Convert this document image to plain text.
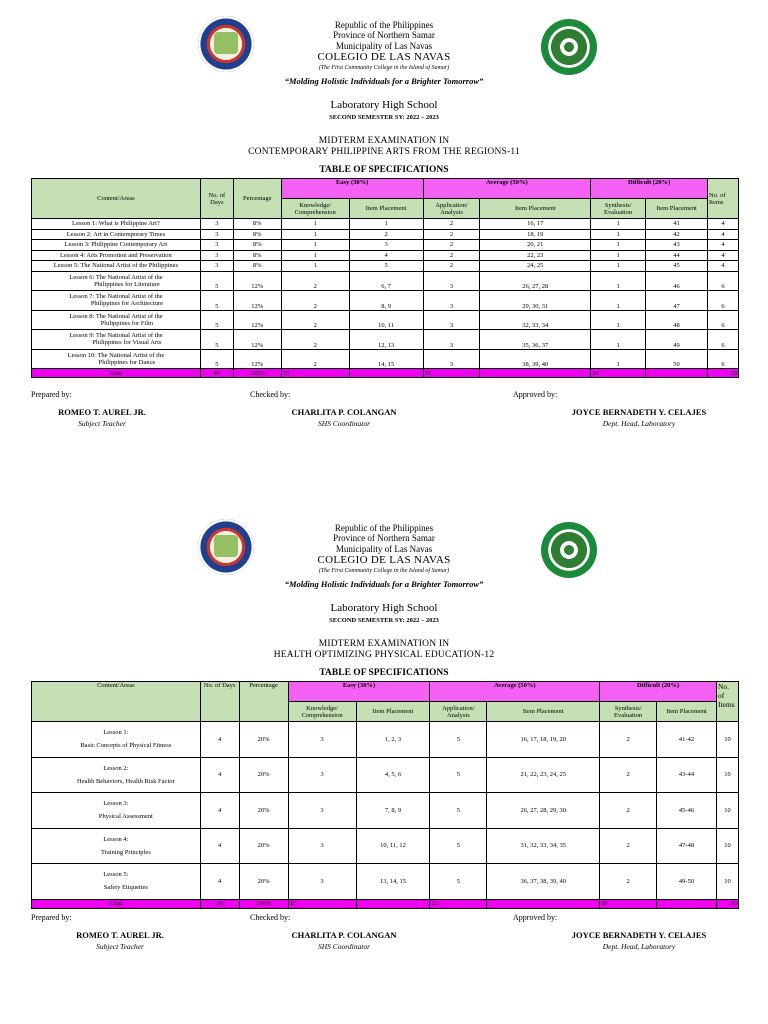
Republic of the Philippines
Province of Northern Samar
Municipality of Las Navas
COLEGIO DE LAS NAVAS
(The First Community College in the Island of Samar)
“Molding Holistic Individuals for a Brighter Tomorrow”
Laboratory High School
SECOND SEMESTER SY: 2022 – 2023
MIDTERM EXAMINATION IN
CONTEMPORARY PHILIPPINE ARTS FROM THE REGIONS-11
TABLE OF SPECIFICATIONS
Content/Areas	No. of Days	Percentage	Easy (30%)		Average (50%)		Difficult (20%)		No. of Items
			Knowledge/ Comprehension	Item Placement	Application/ Analysis	Item Placement	Synthesis/ Evaluation	Item Placement	

Lesson 1: What is Philippine Art?	3	8%	1	1	2	16, 17	1	41	4

Lesson 2: Art in Contemporary Times	3	8%	1	2	2	18, 19	1	42	4

Lesson 3: Philippine Contemporary Art	3	8%	1	3	2	20, 21	1	43	4

Lesson 4: Arts Promotion and Preservation	3	8%	1	4	2	22, 23	1	44	4

Lesson 5: The National Artist of the Philippines	3	8%	1	5	2	24, 25	1	45	4

Lesson 6: The National Artist of the
Philippines for Literature	5	12%	2	6, 7	3	26, 27, 28	1	46	6

Lesson 7: The National Artist of the
Philippines for Architecture	5	12%	2	8, 9	3	29, 30, 31	1	47	6

Lesson 8: The National Artist of the
Philippines for Film	5	12%	2	10, 11	3	32, 33, 34	1	48	6

Lesson 9: The National Artist of the
Philippines for Visual Arts	5	12%	2	12, 13	3	35, 36, 37	1	49	6

Lesson 10: The National Artist of the
Philippines for Dance	5	12%	2	14, 15	3	38, 39, 40	1	50	6
Total	40	100%	15		25		10		50
Prepared by:	Checked by:	Approved by:
ROMEO T. AUREL JR.
Subject Teacher
CHARLITA P. COLANGAN
SHS Coordinator
JOYCE BERNADETH Y. CELAJES
Dept. Head, Laboratory
Republic of the Philippines
Province of Northern Samar
Municipality of Las Navas
COLEGIO DE LAS NAVAS
(The First Community College in the Island of Samar)
“Molding Holistic Individuals for a Brighter Tomorrow”
Laboratory High School
SECOND SEMESTER SY: 2022 – 2023
MIDTERM EXAMINATION IN
HEALTH OPTIMIZING PHYSICAL EDUCATION-12
TABLE OF SPECIFICATIONS
Content/Areas	No. of Days	Percentage	Easy (30%)		Average (50%)		Difficult (20%)		No. of Items
			Knowledge/ Comprehension	Item Placement	Application/ Analysis	Item Placement	Synthesis/ Evaluation	Item Placement	

Lesson 1:
Basic Concepts of Physical Fitness	4	20%	3	1, 2, 3	5	16, 17, 18, 19, 20	2	41-42	10

Lesson 2:
Health Behaviors, Health Risk Factor	4	20%	3	4, 5, 6	5	21, 22, 23, 24, 25	2	43-44	10

Lesson 3:
Physical Assessment	4	20%	3	7, 8, 9	5	26, 27, 28, 29, 30	2	45-46	10

Lesson 4:
Training Principles	4	20%	3	10, 11, 12	5	31, 32, 33, 34, 35	2	47-48	10

Lesson 5:
Safety Etiquettes	4	20%	3	13, 14, 15	5	36, 37, 38, 39, 40	2	49-50	10
Total	20	100%	15		25		10		50
Prepared by:	Checked by:	Approved by:
ROMEO T. AUREL JR.
Subject Teacher
CHARLITA P. COLANGAN
SHS Coordinator
JOYCE BERNADETH Y. CELAJES
Dept. Head, Laboratory
